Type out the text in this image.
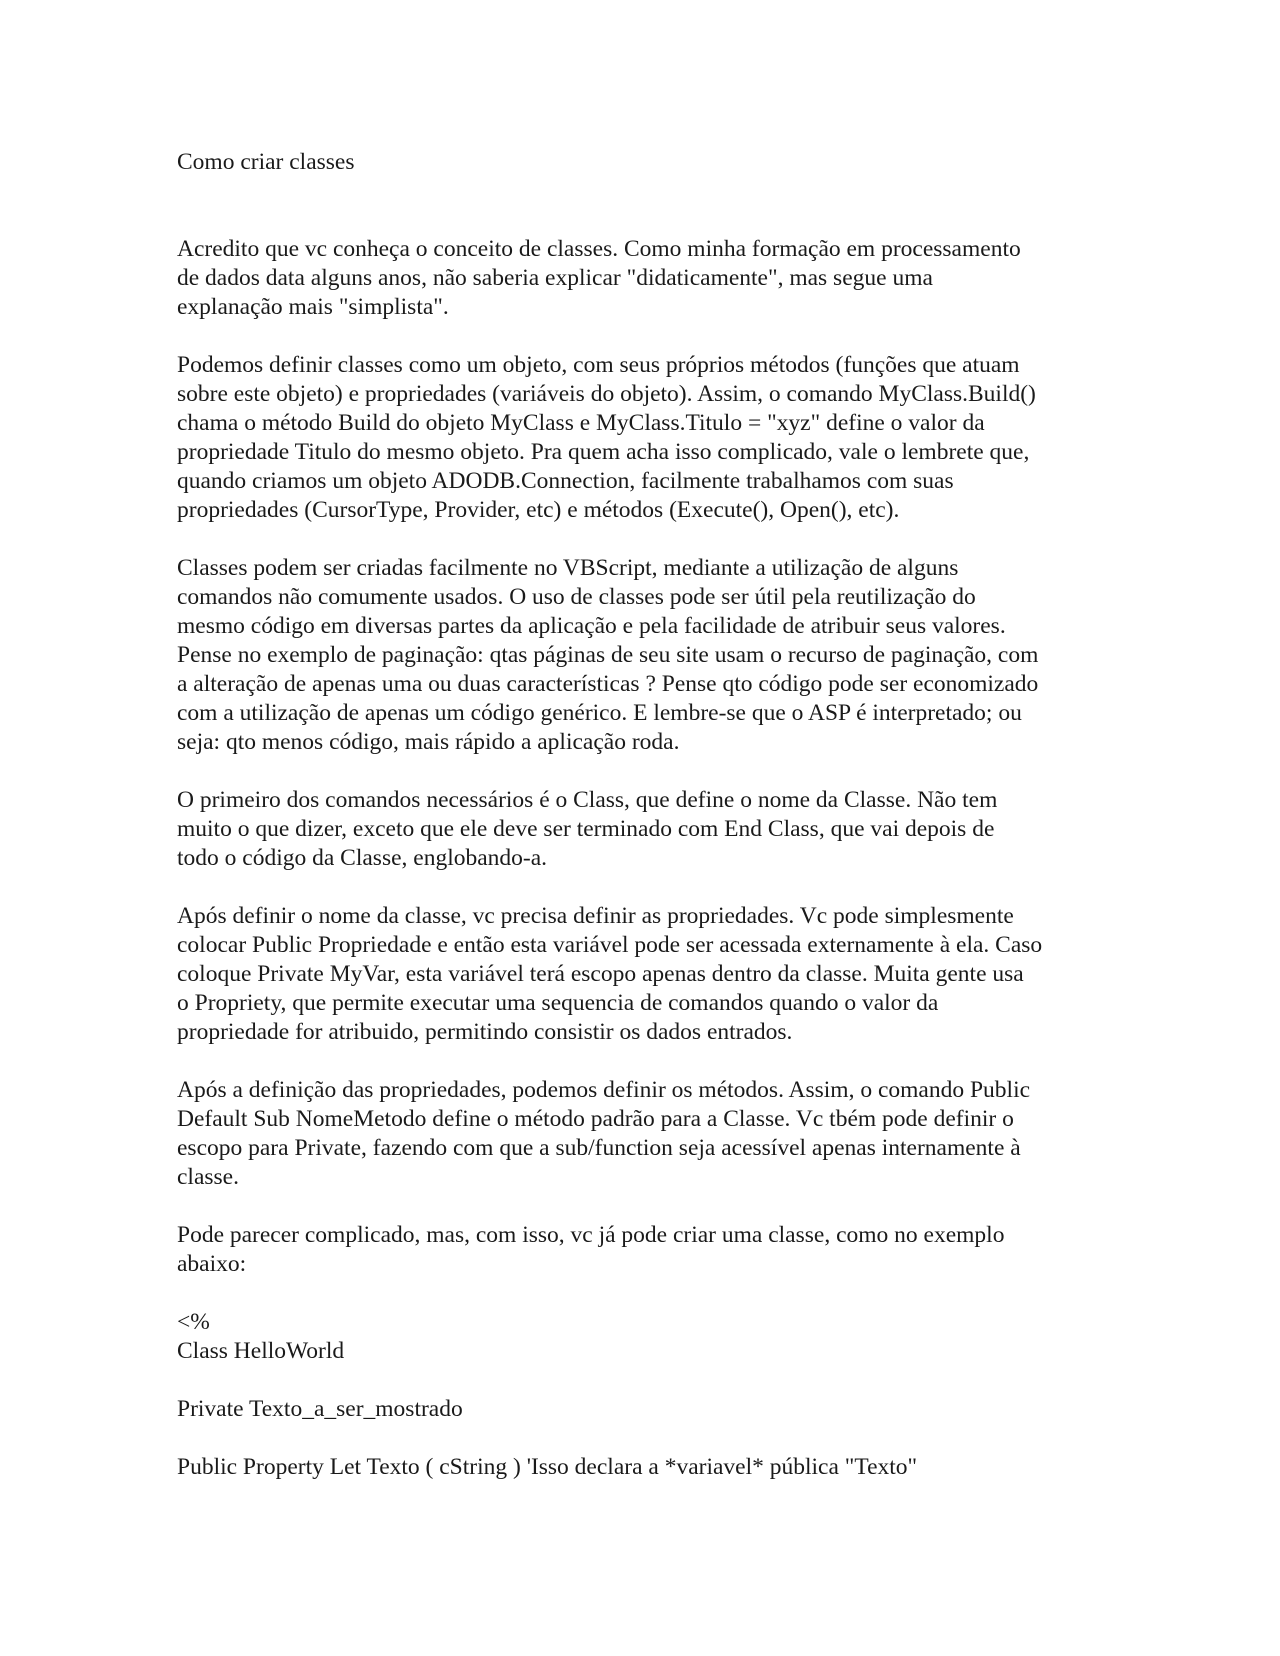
Como criar classes
Acredito que vc conheça o conceito de classes. Como minha formação em processamento
de dados data alguns anos, não saberia explicar "didaticamente", mas segue uma
explanação mais "simplista".
Podemos definir classes como um objeto, com seus próprios métodos (funções que atuam
sobre este objeto) e propriedades (variáveis do objeto). Assim, o comando MyClass.Build()
chama o método Build do objeto MyClass e MyClass.Titulo = "xyz" define o valor da
propriedade Titulo do mesmo objeto. Pra quem acha isso complicado, vale o lembrete que,
quando criamos um objeto ADODB.Connection, facilmente trabalhamos com suas
propriedades (CursorType, Provider, etc) e métodos (Execute(), Open(), etc).
Classes podem ser criadas facilmente no VBScript, mediante a utilização de alguns
comandos não comumente usados. O uso de classes pode ser útil pela reutilização do
mesmo código em diversas partes da aplicação e pela facilidade de atribuir seus valores.
Pense no exemplo de paginação: qtas páginas de seu site usam o recurso de paginação, com
a alteração de apenas uma ou duas características ? Pense qto código pode ser economizado
com a utilização de apenas um código genérico. E lembre-se que o ASP é interpretado; ou
seja: qto menos código, mais rápido a aplicação roda.
O primeiro dos comandos necessários é o Class, que define o nome da Classe. Não tem
muito o que dizer, exceto que ele deve ser terminado com End Class, que vai depois de
todo o código da Classe, englobando-a.
Após definir o nome da classe, vc precisa definir as propriedades. Vc pode simplesmente
colocar Public Propriedade e então esta variável pode ser acessada externamente à ela. Caso
coloque Private MyVar, esta variável terá escopo apenas dentro da classe. Muita gente usa
o Propriety, que permite executar uma sequencia de comandos quando o valor da
propriedade for atribuido, permitindo consistir os dados entrados.
Após a definição das propriedades, podemos definir os métodos. Assim, o comando Public
Default Sub NomeMetodo define o método padrão para a Classe. Vc tbém pode definir o
escopo para Private, fazendo com que a sub/function seja acessível apenas internamente à
classe.
Pode parecer complicado, mas, com isso, vc já pode criar uma classe, como no exemplo
abaixo:
<%
Class HelloWorld
Private Texto_a_ser_mostrado
Public Property Let Texto ( cString ) 'Isso declara a *variavel* pública "Texto"
